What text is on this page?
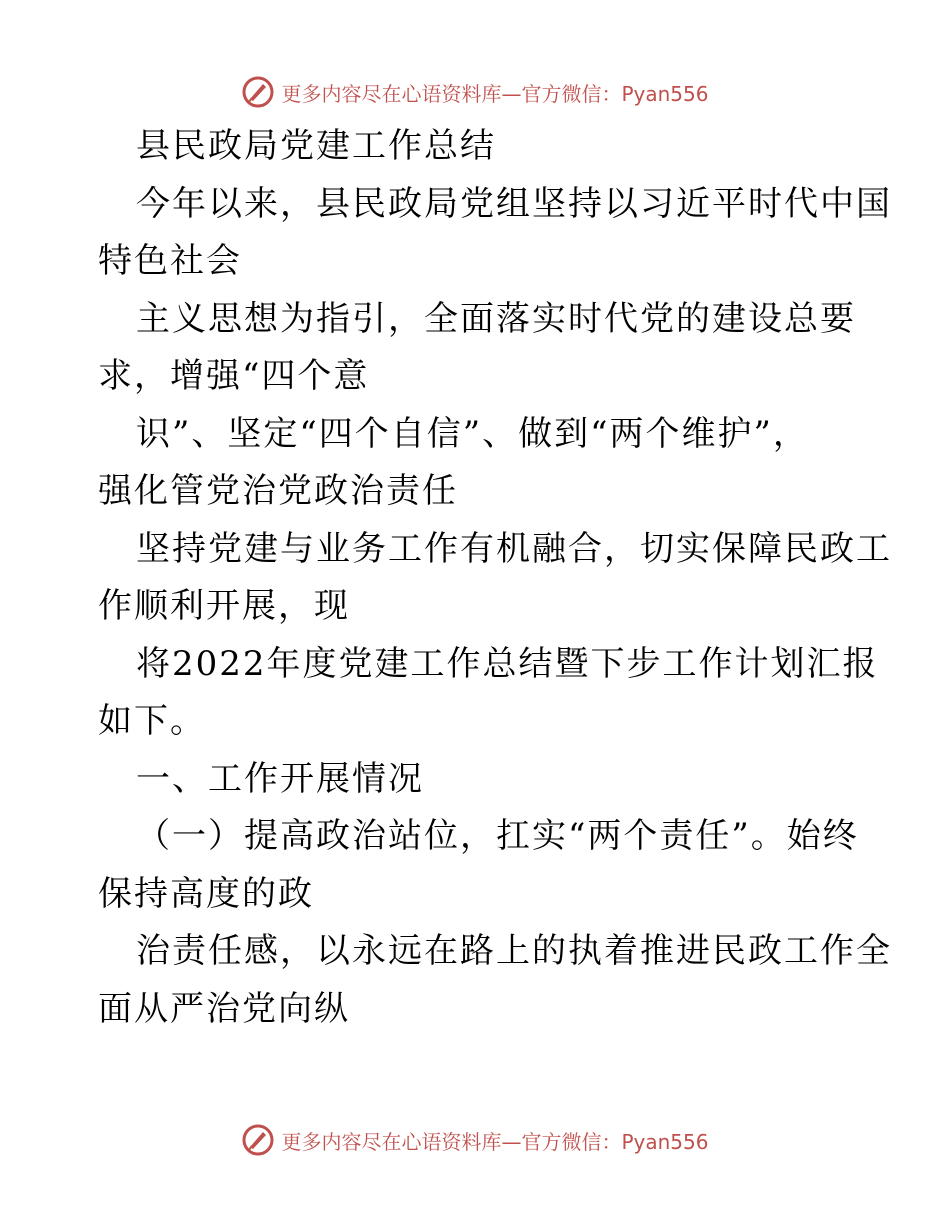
更多内容尽在心语资料库—官方微信：Pyan556
县民政局党建工作总结
今年以来，县民政局党组坚持以习近平时代中国
特色社会
主义思想为指引，全面落实时代党的建设总要
求，增强“四个意
识”、坚定“四个自信”、做到“两个维护”，
强化管党治党政治责任
坚持党建与业务工作有机融合，切实保障民政工
作顺利开展，现
将2022年度党建工作总结暨下步工作计划汇报
如下。
一、工作开展情况
（一）提高政治站位，扛实“两个责任”。始终
保持高度的政
治责任感，以永远在路上的执着推进民政工作全
面从严治党向纵
更多内容尽在心语资料库—官方微信：Pyan556
